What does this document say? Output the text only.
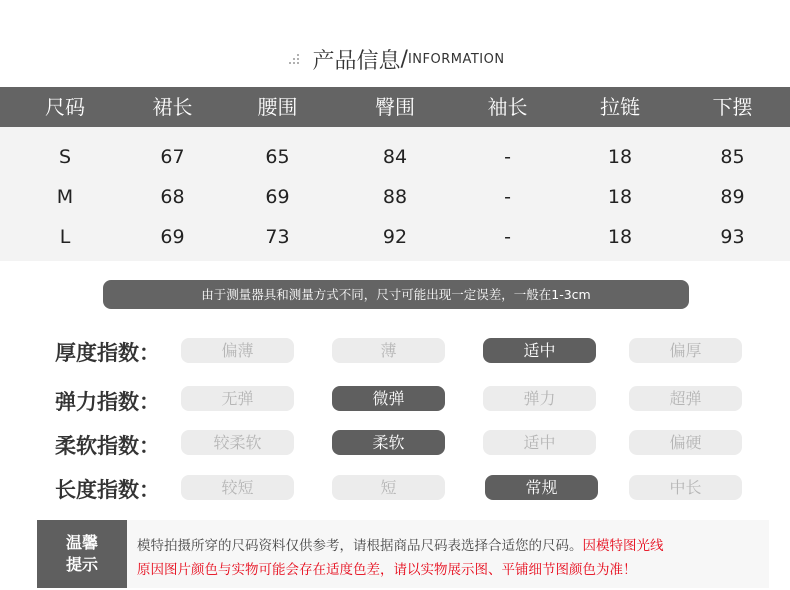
产品信息/INFORMATION
尺码	裙长	腰围	臀围	袖长	拉链	下摆
S	67	65	84	-	18	85
M	68	69	88	-	18	89
L	69	73	92	-	18	93
由于测量器具和测量方式不同，尺寸可能出现一定误差，一般在1-3cm
厚度指数：	偏薄	薄	适中	偏厚
弹力指数：	无弹	微弹	弹力	超弹
柔软指数：	较柔软	柔软	适中	偏硬
长度指数：	较短	短	常规	中长
温馨
提示
模特拍摄所穿的尺码资料仅供参考，请根据商品尺码表选择合适您的尺码。因模特图光线
原因图片颜色与实物可能会存在适度色差，请以实物展示图、平铺细节图颜色为准！
